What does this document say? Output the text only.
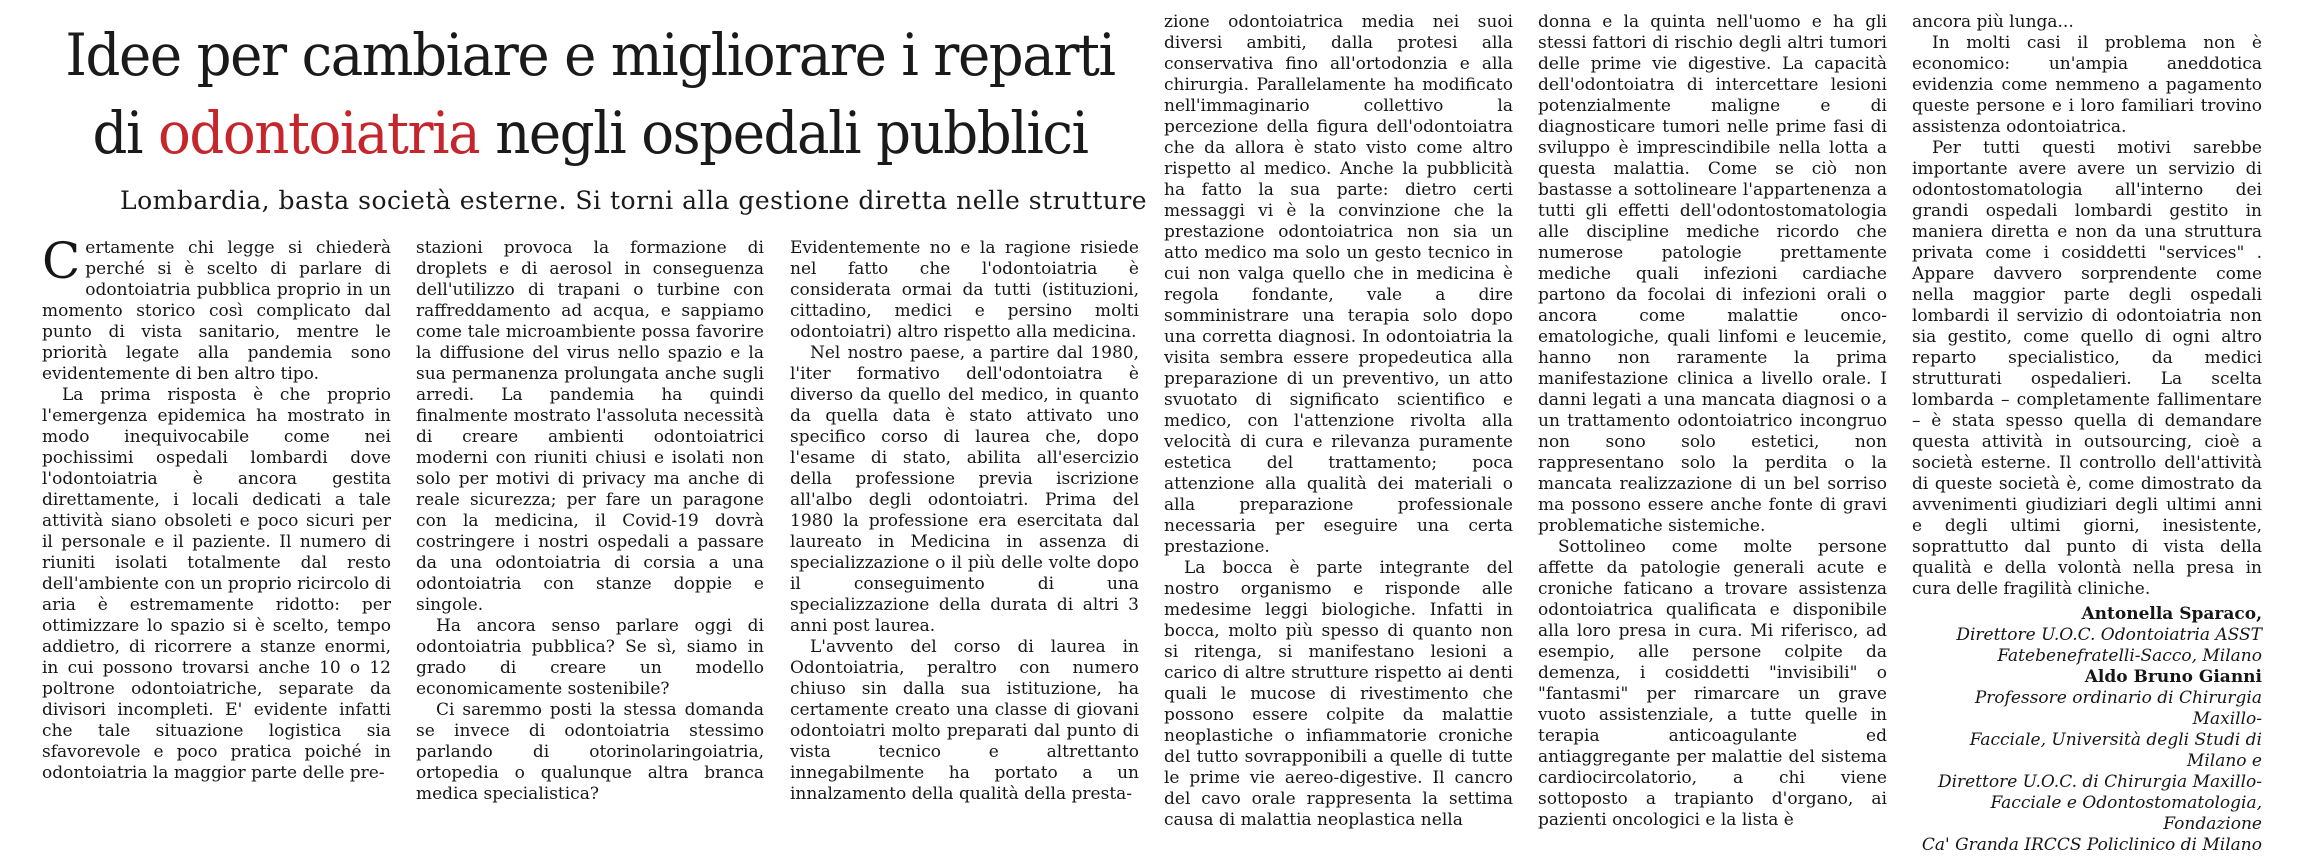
Idee per cambiare e migliorare i reparti
di odontoiatria negli ospedali pubblici
Lombardia, basta società esterne. Si torni alla gestione diretta nelle strutture

Certamente chi legge si chiederà perché si è scelto di parlare di odontoiatria pubblica proprio in un momento storico così complicato dal punto di vista sanitario, mentre le priorità legate alla pandemia sono evidentemente di ben altro tipo.

La prima risposta è che proprio l'emergenza epidemica ha mostrato in modo inequivocabile come nei pochissimi ospedali lombardi dove l'odontoiatria è ancora gestita direttamente, i locali dedicati a tale attività siano obsoleti e poco sicuri per il personale e il paziente. Il numero di riuniti isolati totalmente dal resto dell'ambiente con un proprio ricircolo di aria è estremamente ridotto: per ottimizzare lo spazio si è scelto, tempo addietro, di ricorrere a stanze enormi, in cui possono trovarsi anche 10 o 12 poltrone odontoiatriche, separate da divisori incompleti. E' evidente infatti che tale situazione logistica sia sfavorevole e poco pratica poiché in odontoiatria la maggior parte delle pre-

stazioni provoca la formazione di droplets e di aerosol in conseguenza dell'utilizzo di trapani o turbine con raffreddamento ad acqua, e sappiamo come tale microambiente possa favorire la diffusione del virus nello spazio e la sua permanenza prolungata anche sugli arredi. La pandemia ha quindi finalmente mostrato l'assoluta necessità di creare ambienti odontoiatrici moderni con riuniti chiusi e isolati non solo per motivi di privacy ma anche di reale sicurezza; per fare un paragone con la medicina, il Covid-19 dovrà costringere i nostri ospedali a passare da una odontoiatria di corsia a una odontoiatria con stanze doppie e singole.

Ha ancora senso parlare oggi di odontoiatria pubblica? Se sì, siamo in grado di creare un modello economicamente sostenibile?

Ci saremmo posti la stessa domanda se invece di odontoiatria stessimo parlando di otorinolaringoiatria, ortopedia o qualunque altra branca medica specialistica?

Evidentemente no e la ragione risiede nel fatto che l'odontoiatria è considerata ormai da tutti (istituzioni, cittadino, medici e persino molti odontoiatri) altro rispetto alla medicina.

Nel nostro paese, a partire dal 1980, l'iter formativo dell'odontoiatra è diverso da quello del medico, in quanto da quella data è stato attivato uno specifico corso di laurea che, dopo l'esame di stato, abilita all'esercizio della professione previa iscrizione all'albo degli odontoiatri. Prima del 1980 la professione era esercitata dal laureato in Medicina in assenza di specializzazione o il più delle volte dopo il conseguimento di una specializzazione della durata di altri 3 anni post laurea.

L'avvento del corso di laurea in Odontoiatria, peraltro con numero chiuso sin dalla sua istituzione, ha certamente creato una classe di giovani odontoiatri molto preparati dal punto di vista tecnico e altrettanto innegabilmente ha portato a un innalzamento della qualità della presta-

zione odontoiatrica media nei suoi diversi ambiti, dalla protesi alla conservativa fino all'ortodonzia e alla chirurgia. Parallelamente ha modificato nell'immaginario collettivo la percezione della figura dell'odontoiatra che da allora è stato visto come altro rispetto al medico. Anche la pubblicità ha fatto la sua parte: dietro certi messaggi vi è la convinzione che la prestazione odontoiatrica non sia un atto medico ma solo un gesto tecnico in cui non valga quello che in medicina è regola fondante, vale a dire somministrare una terapia solo dopo una corretta diagnosi. In odontoiatria la visita sembra essere propedeutica alla preparazione di un preventivo, un atto svuotato di significato scientifico e medico, con l'attenzione rivolta alla velocità di cura e rilevanza puramente estetica del trattamento; poca attenzione alla qualità dei materiali o alla preparazione professionale necessaria per eseguire una certa prestazione.

La bocca è parte integrante del nostro organismo e risponde alle medesime leggi biologiche. Infatti in bocca, molto più spesso di quanto non si ritenga, si manifestano lesioni a carico di altre strutture rispetto ai denti quali le mucose di rivestimento che possono essere colpite da malattie neoplastiche o infiammatorie croniche del tutto sovrapponibili a quelle di tutte le prime vie aereo-digestive. Il cancro del cavo orale rappresenta la settima causa di malattia neoplastica nella

donna e la quinta nell'uomo e ha gli stessi fattori di rischio degli altri tumori delle prime vie digestive. La capacità dell'odontoiatra di intercettare lesioni potenzialmente maligne e di diagnosticare tumori nelle prime fasi di sviluppo è imprescindibile nella lotta a questa malattia. Come se ciò non bastasse a sottolineare l'appartenenza a tutti gli effetti dell'odontostomatologia alle discipline mediche ricordo che numerose patologie prettamente mediche quali infezioni cardiache partono da focolai di infezioni orali o ancora come malattie onco-ematologiche, quali linfomi e leucemie, hanno non raramente la prima manifestazione clinica a livello orale. I danni legati a una mancata diagnosi o a un trattamento odontoiatrico incongruo non sono solo estetici, non rappresentano solo la perdita o la mancata realizzazione di un bel sorriso ma possono essere anche fonte di gravi problematiche sistemiche.

Sottolineo come molte persone affette da patologie generali acute e croniche faticano a trovare assistenza odontoiatrica qualificata e disponibile alla loro presa in cura. Mi riferisco, ad esempio, alle persone colpite da demenza, i cosiddetti "invisibili" o "fantasmi" per rimarcare un grave vuoto assistenziale, a tutte quelle in terapia anticoagulante ed antiaggregante per malattie del sistema cardiocircolatorio, a chi viene sottoposto a trapianto d'organo, ai pazienti oncologici e la lista è

ancora più lunga...

In molti casi il problema non è economico: un'ampia aneddotica evidenzia come nemmeno a pagamento queste persone e i loro familiari trovino assistenza odontoiatrica.

Per tutti questi motivi sarebbe importante avere avere un servizio di odontostomatologia all'interno dei grandi ospedali lombardi gestito in maniera diretta e non da una struttura privata come i cosiddetti "services" . Appare davvero sorprendente come nella maggior parte degli ospedali lombardi il servizio di odontoiatria non sia gestito, come quello di ogni altro reparto specialistico, da medici strutturati ospedalieri. La scelta lombarda – completamente fallimentare – è stata spesso quella di demandare questa attività in outsourcing, cioè a società esterne. Il controllo dell'attività di queste società è, come dimostrato da avvenimenti giudiziari degli ultimi anni e degli ultimi giorni, inesistente, soprattutto dal punto di vista della qualità e della volontà nella presa in cura delle fragilità cliniche.

Antonella Sparaco,

Direttore U.O.C. Odontoiatria ASST

Fatebenefratelli-Sacco, Milano

Aldo Bruno Gianni

Professore ordinario di Chirurgia Maxillo-

Facciale, Università degli Studi di Milano e

Direttore U.O.C. di Chirurgia Maxillo-

Facciale e Odontostomatologia, Fondazione

Ca' Granda IRCCS Policlinico di Milano
